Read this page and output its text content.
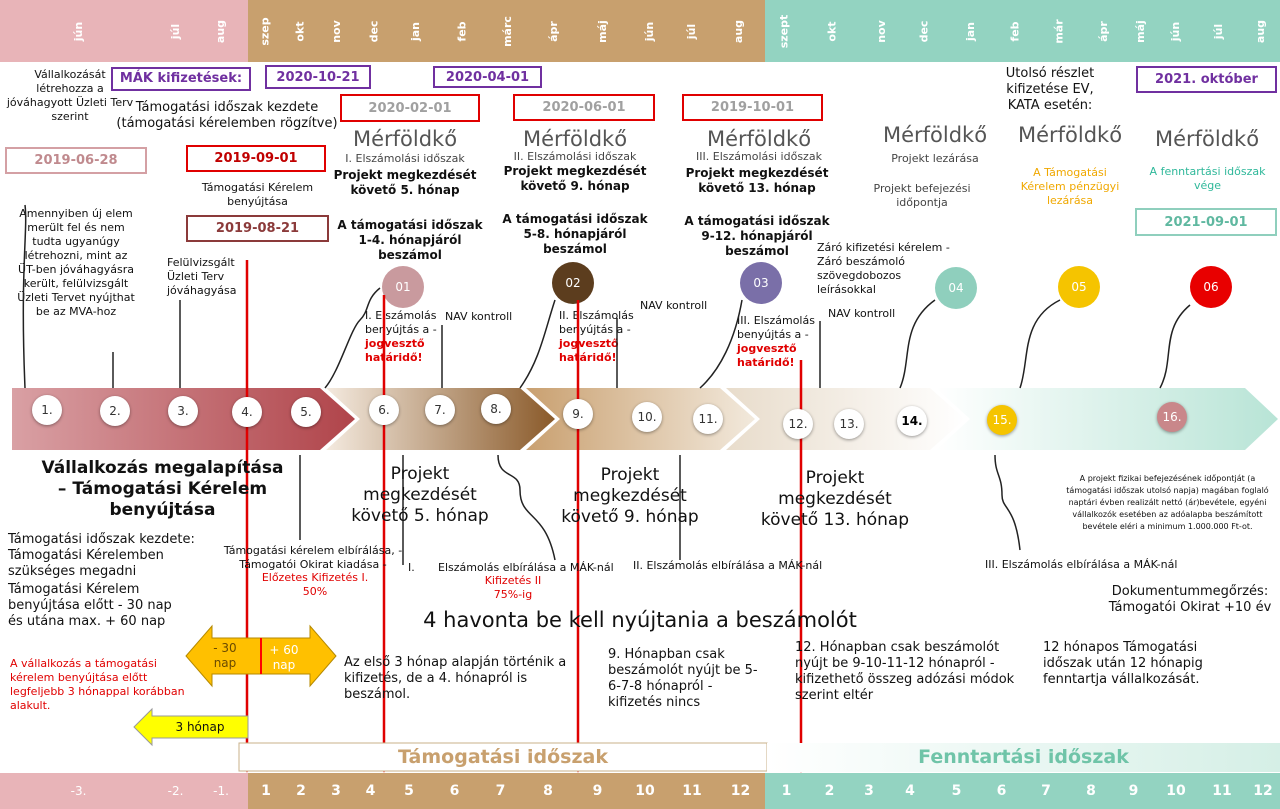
jún	júl	aug	szep okt nov dec	jan	feb	márc	ápr	máj	jún	júl	aug	szept	okt	nov	dec	jan	feb	már	ápr máj jún	júl	aug
2019-06-28	2019-09-01
2019-08-21
2020-10-21	2020-04-01
2020-02-01	2020-06-01	2019-10-01
2021. október
2021-09-01
Vállalkozását létrehozza a jóváhagyott Üzleti Terv szerint
MÁK kifizetések:
Támogatási időszak kezdete (támogatási kérelemben rögzítve)
Támogatási Kérelem benyújtása
Amennyiben új elem merült fel és nem tudta ugyanúgy létrehozni, mint az ÜT-ben jóváhagyásra került, felülvizsgált Üzleti Tervet nyújthat be az MVA-hoz
Felülvizsgált Üzleti Terv jóváhagyása
Mérföldkő
I. Elszámolási időszak
Projekt megkezdését követő 5. hónap
A támogatási időszak 1-4. hónapjáról beszámol
Mérföldkő
II. Elszámolási időszak
Projekt megkezdését követő 9. hónap
A támogatási időszak 5-8. hónapjáról beszámol
Mérföldkő
III. Elszámolási időszak
Projekt megkezdését követő 13. hónap
A támogatási időszak 9-12. hónapjáról beszámol
Mérföldkő
Projekt lezárása
Projekt befejezési időpontja
Utolsó részlet kifizetése EV, KATA esetén:
Mérföldkő
A Támogatási Kérelem pénzügyi lezárása
Mérföldkő
A fenntartási időszak vége
I. Elszámolás benyújtás a - jogvesztő határidő!
II. Elszámolás benyújtás a - jogvesztő határidő!
III. Elszámolás benyújtás a - jogvesztő határidő!
NAV kontroll
NAV kontroll
NAV kontroll
Záró kifizetési kérelem - Záró beszámoló szövegdobozos leírásokkal
01	02	03	04	05	06
1.	2.	3.	4.	5.	6.	7.	8.	9.	10.	11.	12.	13.	14.	15.	16.
Vállalkozás megalapítása – Támogatási Kérelem benyújtása
Projekt megkezdését követő 5. hónap
Projekt megkezdését követő 9. hónap
Projekt megkezdését követő 13. hónap
Támogatási időszak kezdete: Támogatási Kérelemben szükséges megadni
Támogatási Kérelem benyújtása előtt - 30 nap és utána max. + 60 nap
Támogatási kérelem elbírálása, - Támogatói Okirat kiadása -
Előzetes Kifizetés I. 50%
I. Elszámolás elbírálása a MÁK-nál
Kifizetés II 75%-ig
II. Elszámolás elbírálása a MÁK-nál	III. Elszámolás elbírálása a MÁK-nál
A projekt fizikai befejezésének időpontját (a támogatási időszak utolsó napja) magában foglaló naptári évben realizált nettó (ár)bevétele, egyéni vállalkozók esetében az adóalapba beszámított bevétele eléri a minimum 1.000.000 Ft-ot.
Dokumentummegőrzés: Támogatói Okirat +10 év
4 havonta be kell nyújtania a beszámolót
- 30 nap
+ 60 nap
A vállalkozás a támogatási kérelem benyújtása előtt legfeljebb 3 hónappal korábban alakult.
3 hónap
Az első 3 hónap alapján történik a kifizetés, de a 4. hónapról is beszámol.
9. Hónapban csak beszámolót nyújt be 5-6-7-8 hónapról - kifizetés nincs
12. Hónapban csak beszámolót nyújt be 9-10-11-12 hónapról - kifizethető összeg adózási módok szerint eltér
12 hónapos Támogatási időszak után 12 hónapig fenntartja vállalkozását.
Támogatási időszak	Fenntartási időszak
-3.	-2.	-1.	1	2	3	4	5	6	7	8	9	10	11	12	1	2	3	4	5	6	7	8	9	10	11	12
